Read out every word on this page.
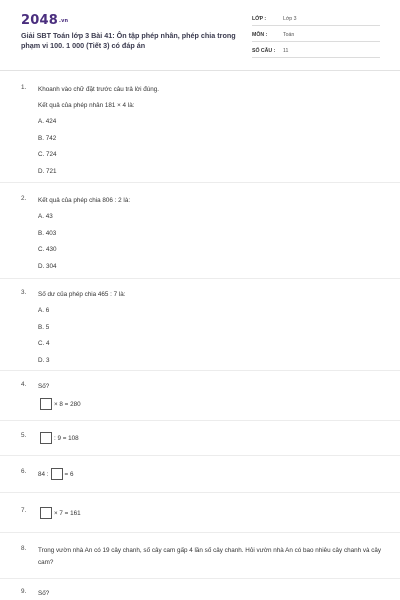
2048.vn
Giải SBT Toán lớp 3 Bài 41: Ôn tập phép nhân, phép chia trong phạm vi 100. 1 000 (Tiết 3) có đáp án
LỚP :	Lớp 3
MÔN :	Toán
SỐ CÂU : 11
1.	Khoanh vào chữ đặt trước câu trả lời đúng.
Kết quả của phép nhân 181 × 4 là:
A. 424
B. 742
C. 724
D. 721
2.	Kết quả của phép chia 806 : 2 là:
A. 43
B. 403
C. 430
D. 304
3.	Số dư của phép chia 465 : 7 là:
A. 6
B. 5
C. 4
D. 3
4.	Số?
× 8 = 280
5.	: 9 = 108
6.	84 :	= 6
7.	× 7 = 161
8.	Trong vườn nhà An có 19 cây chanh, số cây cam gấp 4 lần số cây chanh. Hỏi vườn nhà An có bao nhiêu cây chanh và cây cam?
9.	Số?
